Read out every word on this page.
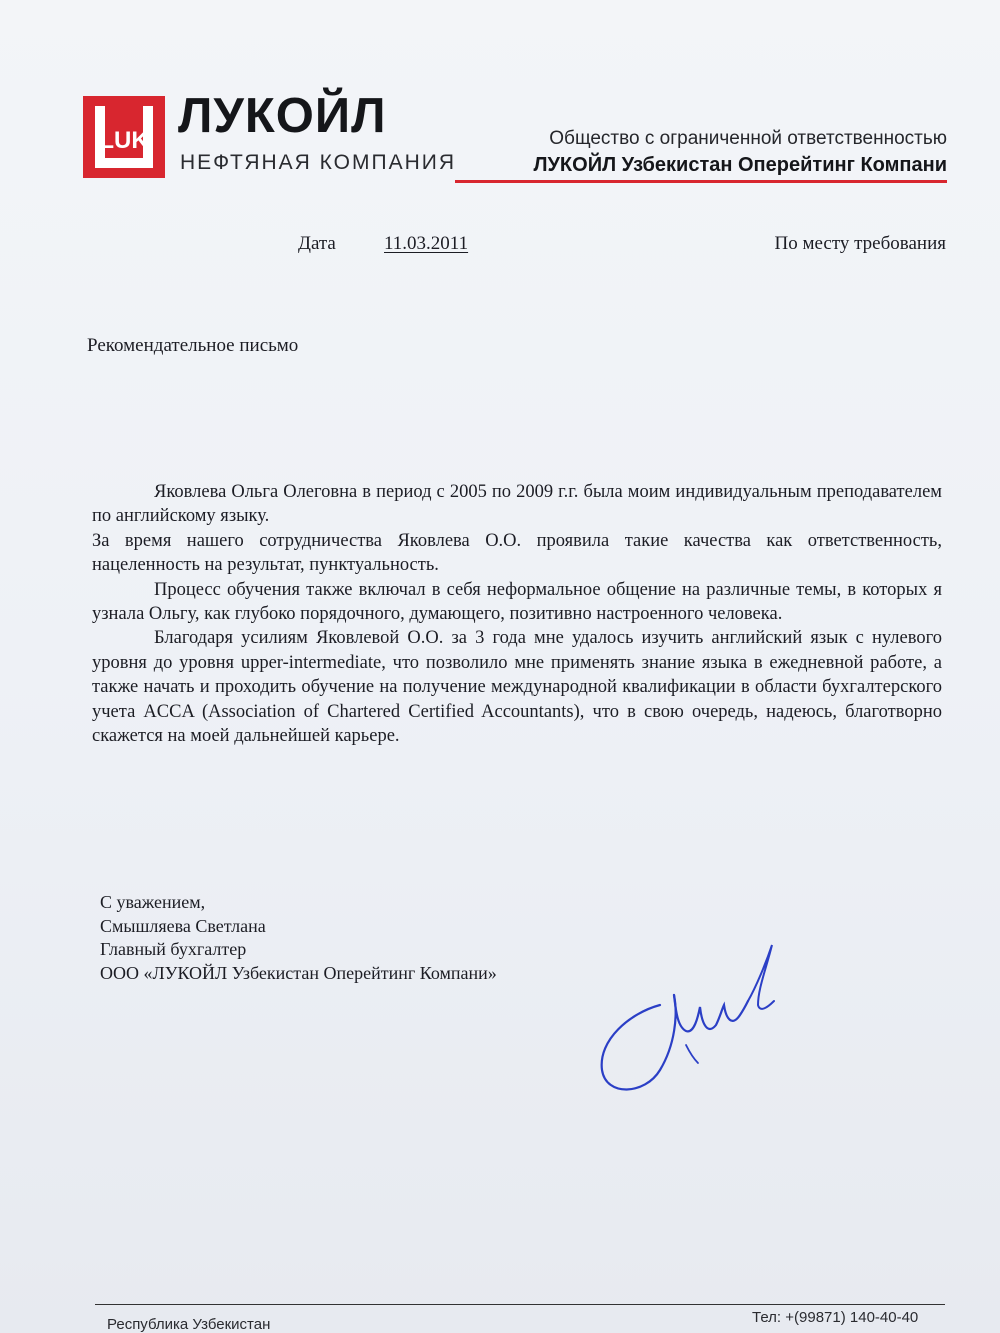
LUK ЛУКОЙЛ
НЕФТЯНАЯ КОМПАНИЯ
Общество с ограниченной ответственностью
ЛУКОЙЛ Узбекистан Оперейтинг Компани
Дата	11.03.2011	По месту требования
Рекомендательное письмо

Яковлева Ольга Олеговна в период с 2005 по 2009 г.г. была моим индивидуальным преподавателем по английскому языку.

За время нашего сотрудничества Яковлева О.О. проявила такие качества как ответственность, нацеленность на результат, пунктуальность.

Процесс обучения также включал в себя неформальное общение на различные темы, в которых я узнала Ольгу, как глубоко порядочного, думающего, позитивно настроенного человека.

Благодаря усилиям Яковлевой О.О. за 3 года мне удалось изучить английский язык с нулевого уровня до уровня upper-intermediate, что позволило мне применять знание языка в ежедневной работе, а также начать и проходить обучение на получение международной квалификации в области бухгалтерского учета ACCA (Association of Chartered Certified Accountants), что в свою очередь, надеюсь, благотворно скажется на моей дальнейшей карьере.

С уважением,
Смышляева Светлана
Главный бухгалтер
ООО «ЛУКОЙЛ Узбекистан Оперейтинг Компани»
Республика Узбекистан	Тел: +(99871) 140-40-40
